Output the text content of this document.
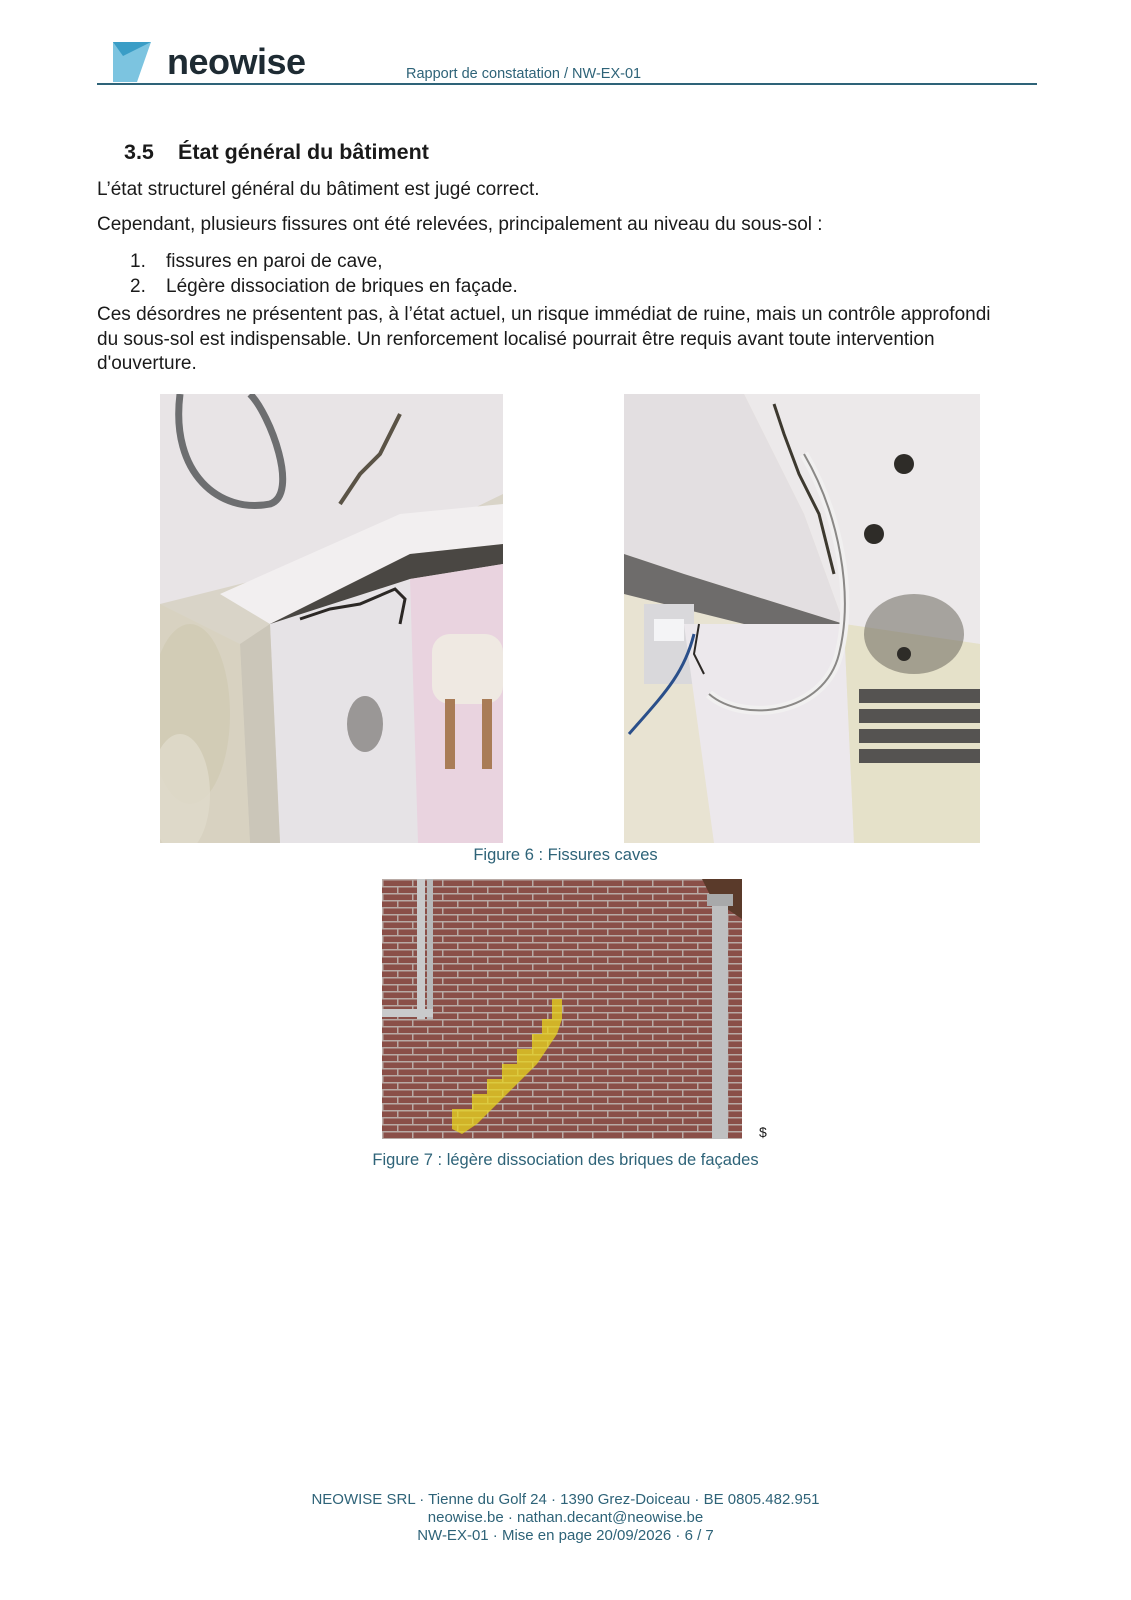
neowise	Rapport de constatation / NW-EX-01
3.5 État général du bâtiment
L’état structurel général du bâtiment est jugé correct.
Cependant, plusieurs fissures ont été relevées, principalement au niveau du sous-sol :
1.	fissures en paroi de cave,
2.	Légère dissociation de briques en façade.
Ces désordres ne présentent pas, à l’état actuel, un risque immédiat de ruine, mais un contrôle approfondi du sous-sol est indispensable. Un renforcement localisé pourrait être requis avant toute intervention d'ouverture.
Figure 6 : Fissures caves
$
Figure 7 : légère dissociation des briques de façades
NEOWISE SRL · Tienne du Golf 24 · 1390 Grez-Doiceau · BE 0805.482.951
neowise.be · nathan.decant@neowise.be
NW-EX-01 · Mise en page 20/09/2026 · 6 / 7
